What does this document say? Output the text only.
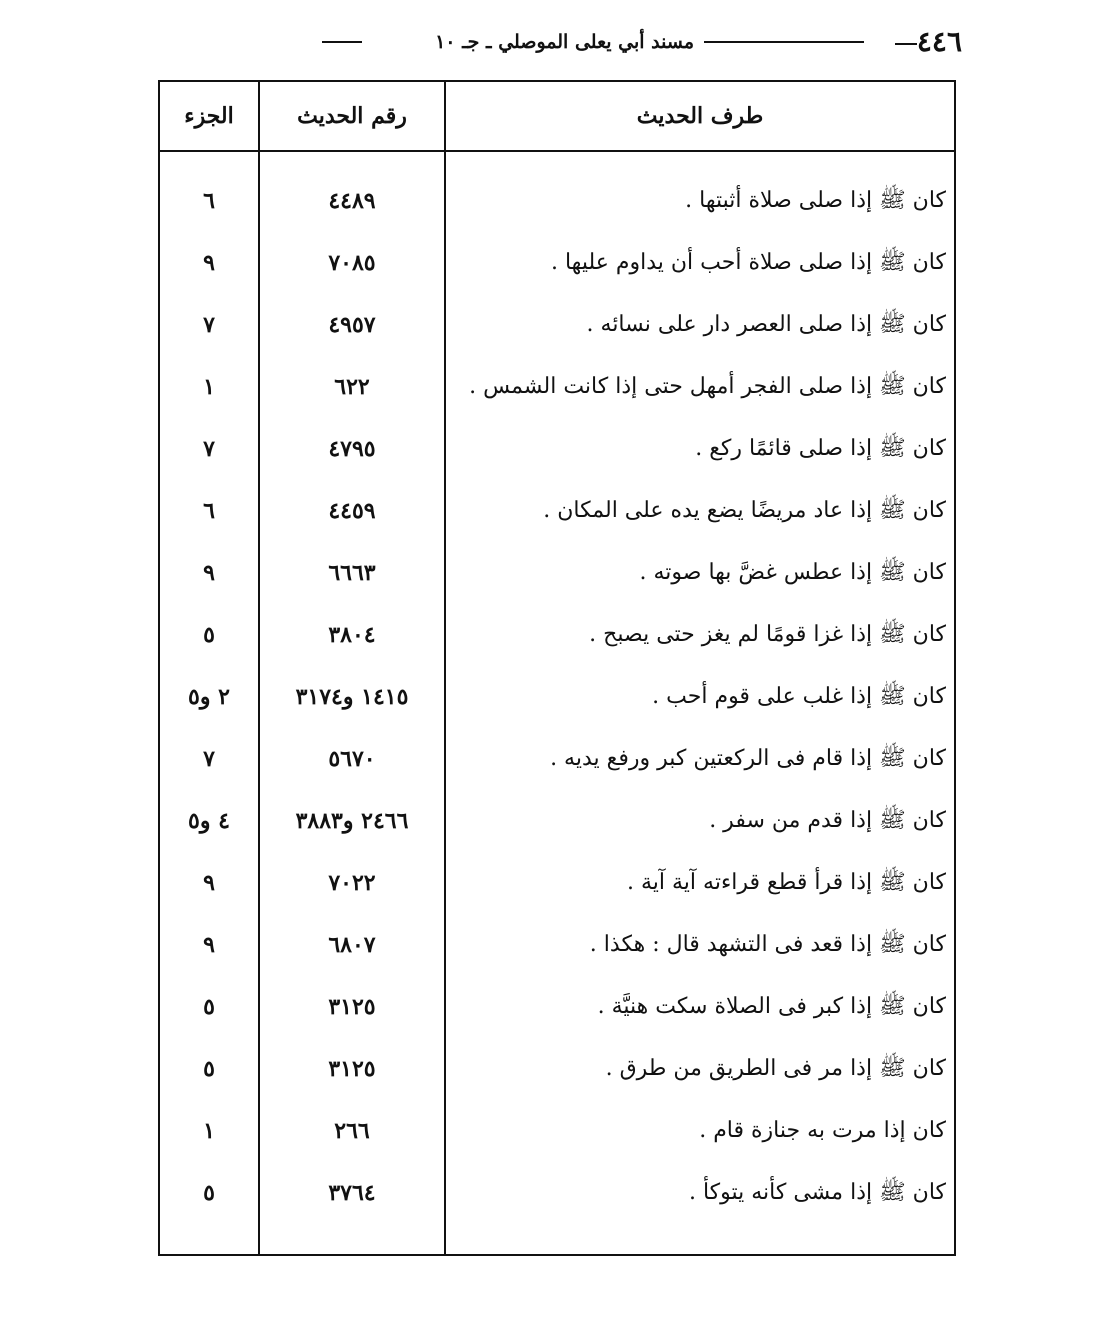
٤٤٦
مسند أبي يعلى الموصلي ـ جـ ١٠
الجزء	رقم الحديث	طرف الحديث
٦	٤٤٨٩	كان ﷺ إذا صلى صلاة أثبتها .
٩	٧٠٨٥	كان ﷺ إذا صلى صلاة أحب أن يداوم عليها .
٧	٤٩٥٧	كان ﷺ إذا صلى العصر دار على نسائه .
١	٦٢٢	كان ﷺ إذا صلى الفجر أمهل حتى إذا كانت الشمس .
٧	٤٧٩٥	كان ﷺ إذا صلى قائمًا ركع .
٦	٤٤٥٩	كان ﷺ إذا عاد مريضًا يضع يده على المكان .
٩	٦٦٦٣	كان ﷺ إذا عطس غضَّ بها صوته .
٥	٣٨٠٤	كان ﷺ إذا غزا قومًا لم يغز حتى يصبح .
٢ و٥	١٤١٥ و٣١٧٤	كان ﷺ إذا غلب على قوم أحب .
٧	٥٦٧٠	كان ﷺ إذا قام فى الركعتين كبر ورفع يديه .
٤ و٥	٢٤٦٦ و٣٨٨٣	كان ﷺ إذا قدم من سفر .
٩	٧٠٢٢	كان ﷺ إذا قرأ قطع قراءته آية آية .
٩	٦٨٠٧	كان ﷺ إذا قعد فى التشهد قال : هكذا .
٥	٣١٢٥	كان ﷺ إذا كبر فى الصلاة سكت هنيَّة .
٥	٣١٢٥	كان ﷺ إذا مر فى الطريق من طرق .
١	٢٦٦	كان إذا مرت به جنازة قام .
٥	٣٧٦٤	كان ﷺ إذا مشى كأنه يتوكأ .
